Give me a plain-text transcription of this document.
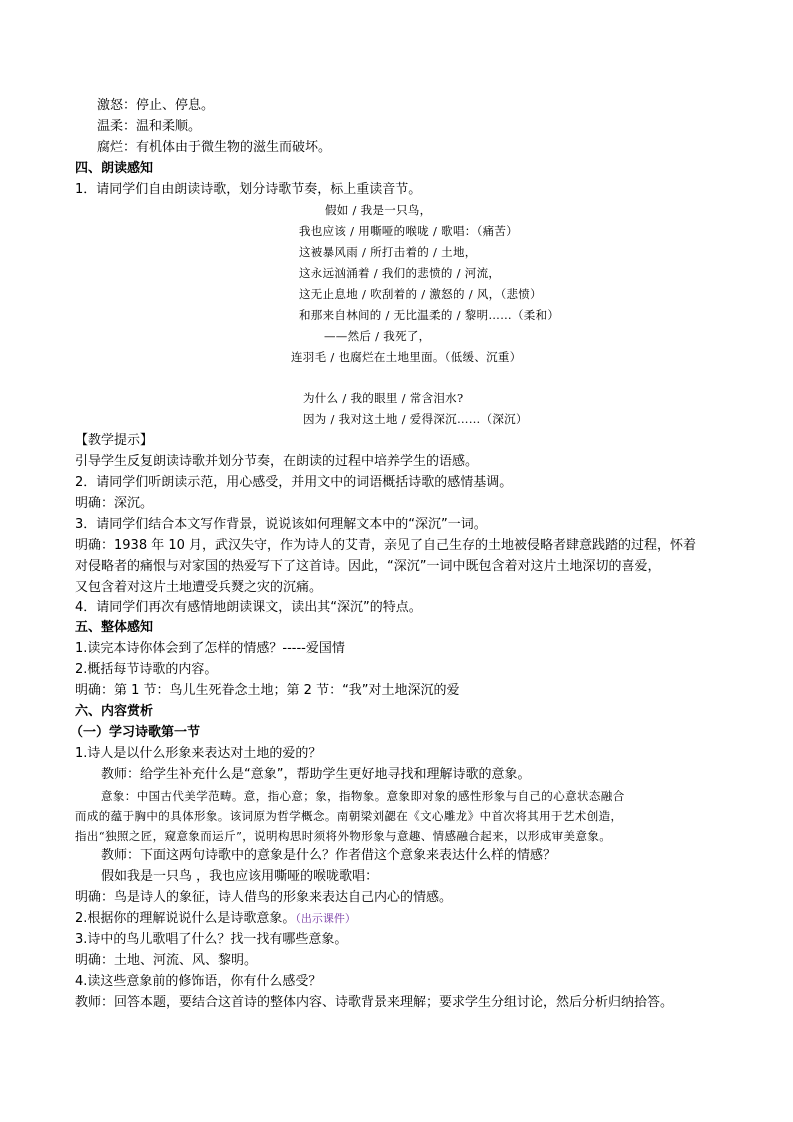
激怒：停止、停息。
温柔：温和柔顺。
腐烂：有机体由于微生物的滋生而破坏。
四、朗读感知
1．请同学们自由朗读诗歌，划分诗歌节奏，标上重读音节。
假如 / 我是一只鸟，
我也应该 / 用嘶哑的喉咙 / 歌唱：（痛苦）
这被暴风雨 / 所打击着的 / 土地，
这永远汹涌着 / 我们的悲愤的 / 河流，
这无止息地 / 吹刮着的 / 激怒的 / 风，（悲愤）
和那来自林间的 / 无比温柔的 / 黎明……（柔和）
——然后 / 我死了，
连羽毛 / 也腐烂在土地里面。（低缓、沉重）
为什么 / 我的眼里 / 常含泪水?
因为 / 我对这土地 / 爱得深沉……（深沉）
【教学提示】
引导学生反复朗读诗歌并划分节奏，在朗读的过程中培养学生的语感。
2．请同学们听朗读示范，用心感受，并用文中的词语概括诗歌的感情基调。
明确：深沉。
3．请同学们结合本文写作背景，说说该如何理解文本中的“深沉”一词。
明确：1938 年 10 月，武汉失守，作为诗人的艾青，亲见了自己生存的土地被侵略者肆意践踏的过程，怀着
对侵略者的痛恨与对家国的热爱写下了这首诗。因此，“深沉”一词中既包含着对这片土地深切的喜爱，
又包含着对这片土地遭受兵燹之灾的沉痛。
4．请同学们再次有感情地朗读课文，读出其“深沉”的特点。
五、整体感知
1.读完本诗你体会到了怎样的情感？-----爱国情
2.概括每节诗歌的内容。
明确：第 1 节：鸟儿生死眷念土地；第 2 节：“我”对土地深沉的爱
六、内容赏析
（一）学习诗歌第一节
1.诗人是以什么形象来表达对土地的爱的？
教师：给学生补充什么是“意象”，帮助学生更好地寻找和理解诗歌的意象。
意象：中国古代美学范畴。意，指心意；象，指物象。意象即对象的感性形象与自己的心意状态融合
而成的蕴于胸中的具体形象。该词原为哲学概念。南朝梁刘勰在《文心雕龙》中首次将其用于艺术创造，
指出“独照之匠，窥意象而运斤”，说明构思时须将外物形象与意趣、情感融合起来，以形成审美意象。
教师：下面这两句诗歌中的意象是什么？作者借这个意象来表达什么样的情感？
假如我是一只鸟 ，我也应该用嘶哑的喉咙歌唱：
明确：鸟是诗人的象征，诗人借鸟的形象来表达自己内心的情感。
2.根据你的理解说说什么是诗歌意象。（出示课件）
3.诗中的鸟儿歌唱了什么？找一找有哪些意象。
明确：土地、河流、风、黎明。
4.读这些意象前的修饰语，你有什么感受？
教师：回答本题，要结合这首诗的整体内容、诗歌背景来理解；要求学生分组讨论，然后分析归纳拾答。
